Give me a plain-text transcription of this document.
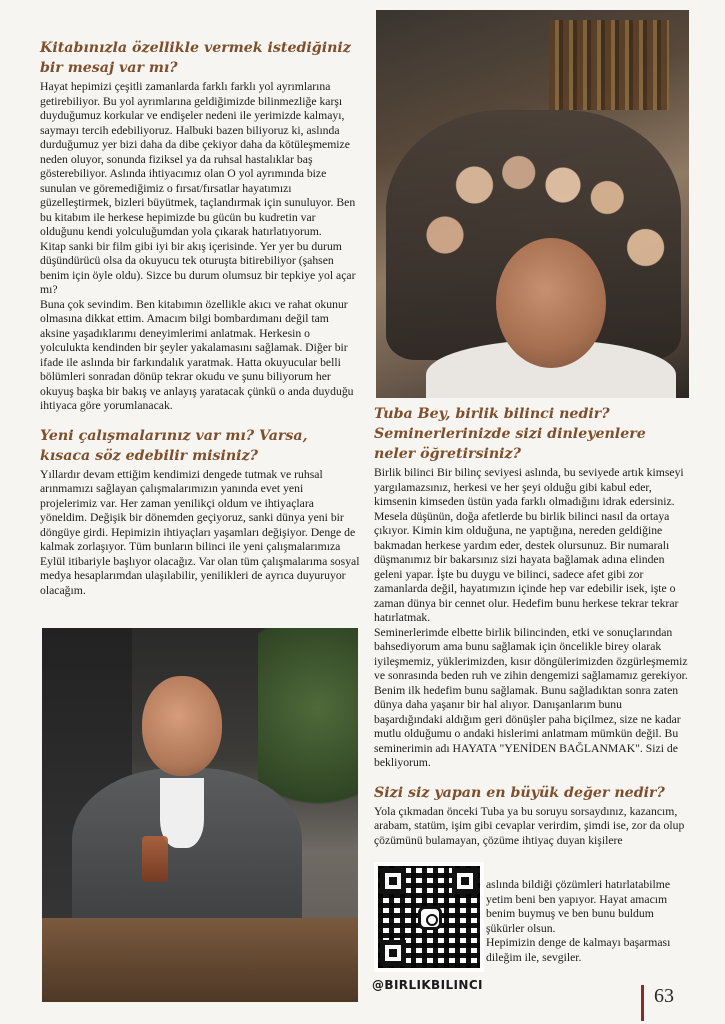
Kitabınızla özellikle vermek istediğiniz bir mesaj var mı?
Hayat hepimizi çeşitli zamanlarda farklı farklı yol ayrımlarına getirebiliyor. Bu yol ayrımlarına geldiğimizde bilinmezliğe karşı duyduğumuz korkular ve endişeler nedeni ile yerimizde kalmayı, saymayı tercih edebiliyoruz. Halbuki bazen biliyoruz ki, aslında durduğumuz yer bizi daha da dibe çekiyor daha da kötüleşmemize neden oluyor, sonunda fiziksel ya da ruhsal hastalıklar baş gösterebiliyor. Aslında ihtiyacımız olan O yol ayrımında bize sunulan ve göremediğimiz o fırsat/fırsatlar hayatımızı güzelleştirmek, bizleri büyütmek, taçlandırmak için sunuluyor. Ben bu kitabım ile herkese hepimizde bu gücün bu kudretin var olduğunu kendi yolculuğumdan yola çıkarak hatırlatıyorum.
Kitap sanki bir film gibi iyi bir akış içerisinde. Yer yer bu durum düşündürücü olsa da okuyucu tek oturuşta bitirebiliyor (şahsen benim için öyle oldu). Sizce bu durum olumsuz bir tepkiye yol açar mı?
Buna çok sevindim. Ben kitabımın özellikle akıcı ve rahat okunur olmasına dikkat ettim. Amacım bilgi bombardımanı değil tam aksine yaşadıklarımı deneyimlerimi anlatmak. Herkesin o yolculukta kendinden bir şeyler yakalamasını sağlamak. Diğer bir ifade ile aslında bir farkındalık yaratmak. Hatta okuyucular belli bölümleri sonradan dönüp tekrar okudu ve şunu biliyorum her okuyuş başka bir bakış ve anlayış yaratacak çünkü o anda duyduğu ihtiyaca göre yorumlanacak.
Yeni çalışmalarınız var mı? Varsa, kısaca söz edebilir misiniz?
Yıllardır devam ettiğim kendimizi dengede tutmak ve ruhsal arınmamızı sağlayan çalışmalarımızın yanında evet yeni projelerimiz var. Her zaman yenilikçi oldum ve ihtiyaçlara yöneldim. Değişik bir dönemden geçiyoruz, sanki dünya yeni bir döngüye girdi. Hepimizin ihtiyaçları yaşamları değişiyor. Denge de kalmak zorlaşıyor. Tüm bunların bilinci ile yeni çalışmalarımıza Eylül itibariyle başlıyor olacağız. Var olan tüm çalışmalarıma sosyal medya hesaplarımdan ulaşılabilir, yenilikleri de ayrıca duyuruyor olacağım.
Tuba Bey, birlik bilinci nedir? Seminerlerinizde sizi dinleyenlere neler öğretirsiniz?
Birlik bilinci Bir bilinç seviyesi aslında, bu seviyede artık kimseyi yargılamazsınız, herkesi ve her şeyi olduğu gibi kabul eder, kimsenin kimseden üstün yada farklı olmadığını idrak edersiniz. Mesela düşünün, doğa afetlerde bu birlik bilinci nasıl da ortaya çıkıyor. Kimin kim olduğuna, ne yaptığına, nereden geldiğine bakmadan herkese yardım eder, destek olursunuz. Bir numaralı düşmanımız bir bakarsınız sizi hayata bağlamak adına elinden geleni yapar. İşte bu duygu ve bilinci, sadece afet gibi zor zamanlarda değil, hayatımızın içinde hep var edebilir isek, işte o zaman dünya bir cennet olur. Hedefim bunu herkese tekrar tekrar hatırlatmak.
Seminerlerimde elbette birlik bilincinden, etki ve sonuçlarından bahsediyorum ama bunu sağlamak için öncelikle birey olarak iyileşmemiz, yüklerimizden, kısır döngülerimizden özgürleşmemiz ve sonrasında beden ruh ve zihin dengemizi sağlamamız gerekiyor. Benim ilk hedefim bunu sağlamak. Bunu sağladıktan sonra zaten dünya daha yaşanır bir hal alıyor. Danışanlarım bunu başardığındaki aldığım geri dönüşler paha biçilmez, size ne kadar mutlu olduğumu o andaki hislerimi anlatmam mümkün değil. Bu seminerimin adı HAYATA "YENİDEN BAĞLANMAK". Sizi de bekliyorum.
Sizi siz yapan en büyük değer nedir?
Yola çıkmadan önceki Tuba ya bu soruyu sorsaydınız, kazancım, arabam, statüm, işim gibi cevaplar verirdim, şimdi ise, zor da olup çözümünü bulamayan, çözüme ihtiyaç duyan kişilere
aslında bildiği çözümleri hatırlatabilme yetim beni ben yapıyor. Hayat amacım benim buymuş ve ben bunu buldum şükürler olsun.
Hepimizin denge de kalmayı başarması dileğim ile, sevgiler.
@BIRLIKBILINCI	63
